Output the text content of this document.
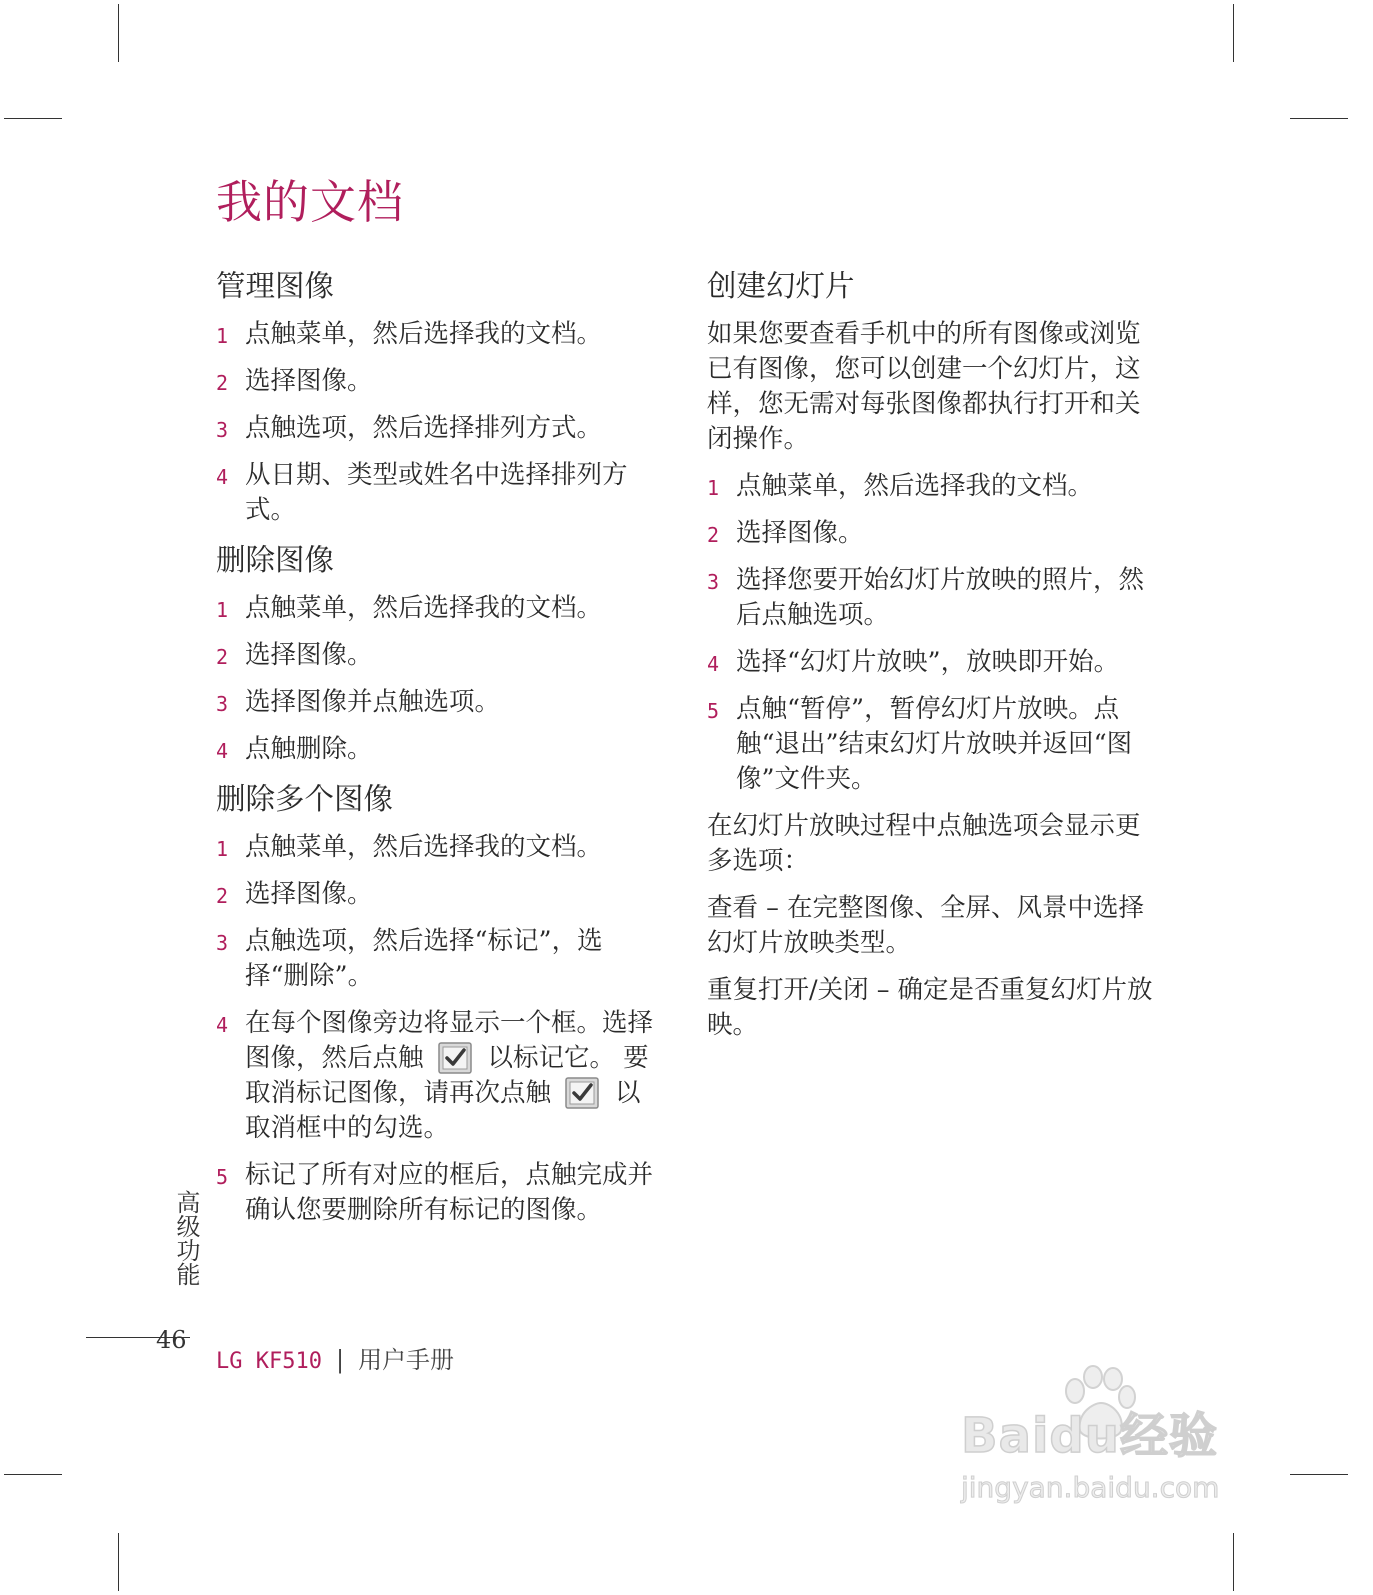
我的文档
管理图像
1 点触菜单，然后选择我的文档。
2 选择图像。
3 点触选项，然后选择排列方式。
4 从日期、类型或姓名中选择排列方式。
删除图像
1 点触菜单，然后选择我的文档。
2 选择图像。
3 选择图像并点触选项。
4 点触删除。
删除多个图像
1 点触菜单，然后选择我的文档。
2 选择图像。
3 点触选项，然后选择“标记”，选择“删除”。
4 在每个图像旁边将显示一个框。选择图像，然后点触	以标记它。 要取消标记图像，请再次点触	以取消框中的勾选。
5 标记了所有对应的框后，点触完成并确认您要删除所有标记的图像。
创建幻灯片

如果您要查看手机中的所有图像或浏览已有图像，您可以创建一个幻灯片，这样，您无需对每张图像都执行打开和关闭操作。

1 点触菜单，然后选择我的文档。
2 选择图像。
3 选择您要开始幻灯片放映的照片，然后点触选项。
4 选择“幻灯片放映”，放映即开始。
5 点触“暂停”，暂停幻灯片放映。点触“退出”结束幻灯片放映并返回“图像”文件夹。

在幻灯片放映过程中点触选项会显示更多选项：

查看 – 在完整图像、全屏、风景中选择幻灯片放映类型。

重复打开/关闭 – 确定是否重复幻灯片放映。

高级功能
46
LG KF510 | 用户手册
Baidu经验
jingyan.baidu.com
